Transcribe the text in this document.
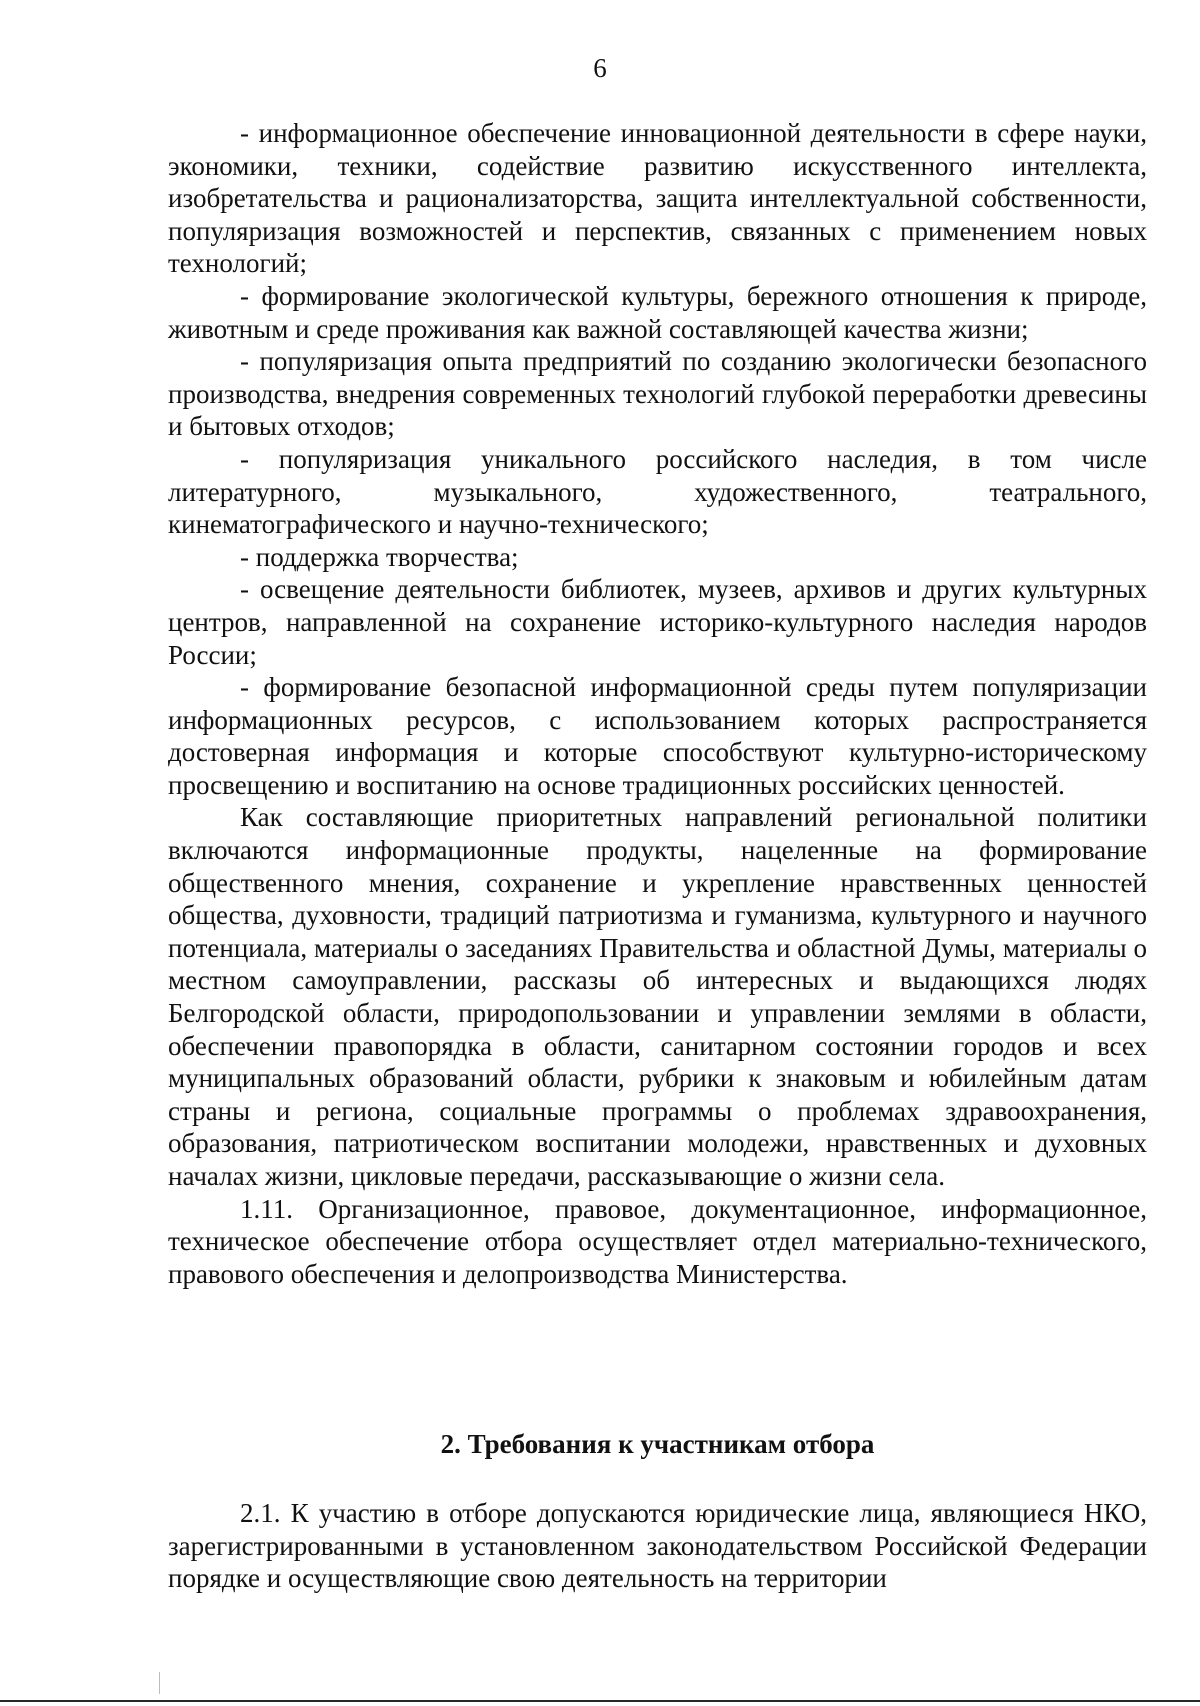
6

- информационное обеспечение инновационной деятельности в сфере науки, экономики, техники, содействие развитию искусственного интеллекта, изобретательства и рационализаторства, защита интеллектуальной собственности, популяризация возможностей и перспектив, связанных с применением новых технологий;

- формирование экологической культуры, бережного отношения к природе, животным и среде проживания как важной составляющей качества жизни;

- популяризация опыта предприятий по созданию экологически безопасного производства, внедрения современных технологий глубокой переработки древесины и бытовых отходов;

- популяризация уникального российского наследия, в том числе литературного, музыкального, художественного, театрального, кинематографического и научно-технического;

- поддержка творчества;

- освещение деятельности библиотек, музеев, архивов и других культурных центров, направленной на сохранение историко-культурного наследия народов России;

- формирование безопасной информационной среды путем популяризации информационных ресурсов, с использованием которых распространяется достоверная информация и которые способствуют культурно-историческому просвещению и воспитанию на основе традиционных российских ценностей.

Как составляющие приоритетных направлений региональной политики включаются информационные продукты, нацеленные на формирование общественного мнения, сохранение и укрепление нравственных ценностей общества, духовности, традиций патриотизма и гуманизма, культурного и научного потенциала, материалы о заседаниях Правительства и областной Думы, материалы о местном самоуправлении, рассказы об интересных и выдающихся людях Белгородской области, природопользовании и управлении землями в области, обеспечении правопорядка в области, санитарном состоянии городов и всех муниципальных образований области, рубрики к знаковым и юбилейным датам страны и региона, социальные программы о проблемах здравоохранения, образования, патриотическом воспитании молодежи, нравственных и духовных началах жизни, цикловые передачи, рассказывающие о жизни села.

1.11. Организационное, правовое, документационное, информационное, техническое обеспечение отбора осуществляет отдел материально-технического, правового обеспечения и делопроизводства Министерства.

2. Требования к участникам отбора

2.1. К участию в отборе допускаются юридические лица, являющиеся НКО, зарегистрированными в установленном законодательством Российской Федерации порядке и осуществляющие свою деятельность на территории
